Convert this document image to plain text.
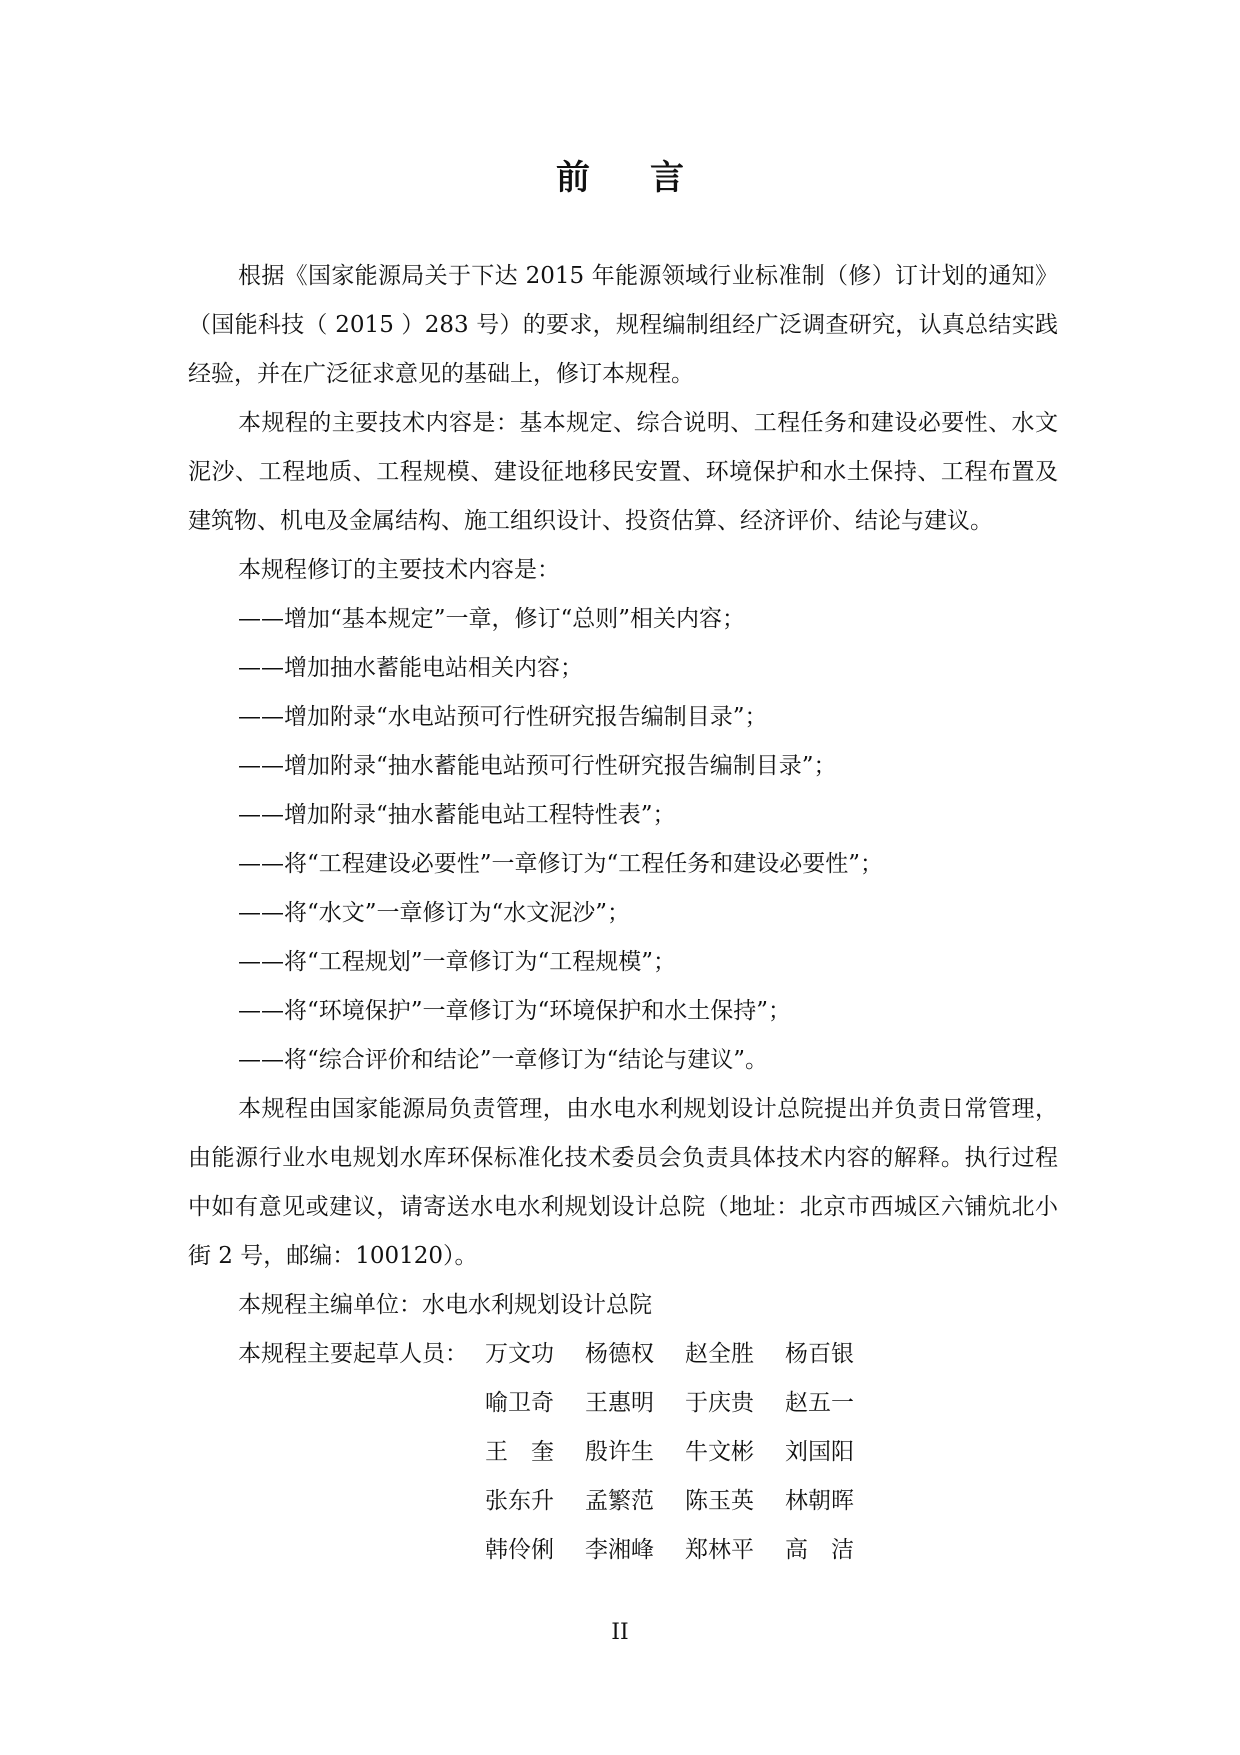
前 言

根据《国家能源局关于下达 2015 年能源领域行业标准制（修）订计划的通知》（国能科技（ 2015 ）283 号）的要求，规程编制组经广泛调查研究，认真总结实践经验，并在广泛征求意见的基础上，修订本规程。

本规程的主要技术内容是：基本规定、综合说明、工程任务和建设必要性、水文泥沙、工程地质、工程规模、建设征地移民安置、环境保护和水土保持、工程布置及建筑物、机电及金属结构、施工组织设计、投资估算、经济评价、结论与建议。

本规程修订的主要技术内容是：

——增加“基本规定”一章，修订“总则”相关内容；

——增加抽水蓄能电站相关内容；

——增加附录“水电站预可行性研究报告编制目录”；

——增加附录“抽水蓄能电站预可行性研究报告编制目录”；

——增加附录“抽水蓄能电站工程特性表”；

——将“工程建设必要性”一章修订为“工程任务和建设必要性”；

——将“水文”一章修订为“水文泥沙”；

——将“工程规划”一章修订为“工程规模”；

——将“环境保护”一章修订为“环境保护和水土保持”；

——将“综合评价和结论”一章修订为“结论与建议”。

本规程由国家能源局负责管理，由水电水利规划设计总院提出并负责日常管理，由能源行业水电规划水库环保标准化技术委员会负责具体技术内容的解释。执行过程中如有意见或建议，请寄送水电水利规划设计总院（地址：北京市西城区六铺炕北小街 2 号，邮编：100120）。

本规程主编单位：水电水利规划设计总院

本规程主要起草人员： 万文功 杨德权 赵全胜 杨百银
喻卫奇 王惠明 于庆贵 赵五一
王　奎 殷许生 牛文彬 刘国阳
张东升 孟繁范 陈玉英 林朝晖
韩伶俐 李湘峰 郑林平 高　洁
II
